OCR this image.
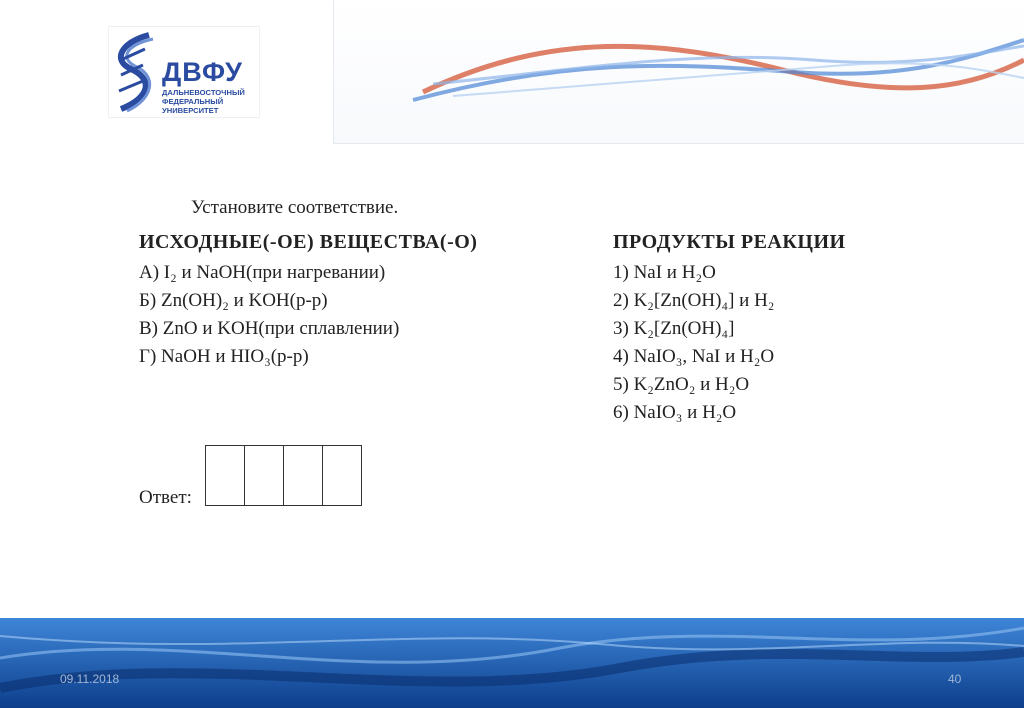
ДВФУ
ДАЛЬНЕВОСТОЧНЫЙ ФЕДЕРАЛЬНЫЙ УНИВЕРСИТЕТ
Установите соответствие.
ИСХОДНЫЕ(-ОЕ) ВЕЩЕСТВА(-О)	ПРОДУКТЫ РЕАКЦИИ
А) I₂ и NaOH(при нагревании)
Б) Zn(OH)₂ и KOH(р-р)
В) ZnO и KOH(при сплавлении)
Г) NaOH и HIO₃(р-р)
1) NaI и H₂O
2) K₂[Zn(OH)₄] и H₂
3) K₂[Zn(OH)₄]
4) NaIO₃, NaI и H₂O
5) K₂ZnO₂ и H₂O
6) NaIO₃ и H₂O
Ответ:
09.11.2018	40
